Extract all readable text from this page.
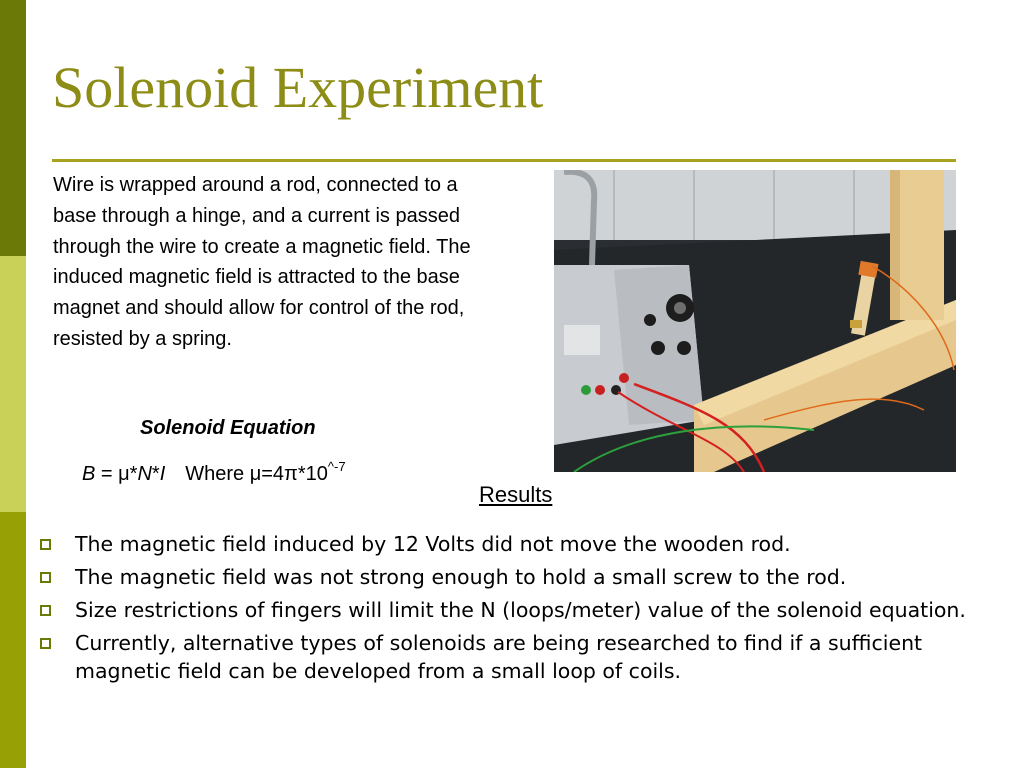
Solenoid Experiment
Wire is wrapped around a rod, connected to a base through a hinge, and a current is passed through the wire to create a magnetic field. The induced magnetic field is attracted to the base magnet and should allow for control of the rod, resisted by a spring.
Solenoid Equation
B = μ*N*I Where $\mu=4\pi*10^{\^{}-7}$
Results
The magnetic field induced by 12 Volts did not move the wooden rod.
The magnetic field was not strong enough to hold a small screw to the rod.
Size restrictions of fingers will limit the N (loops/meter) value of the solenoid equation.
Currently, alternative types of solenoids are being researched to find if a sufficient magnetic field can be developed from a small loop of coils.
